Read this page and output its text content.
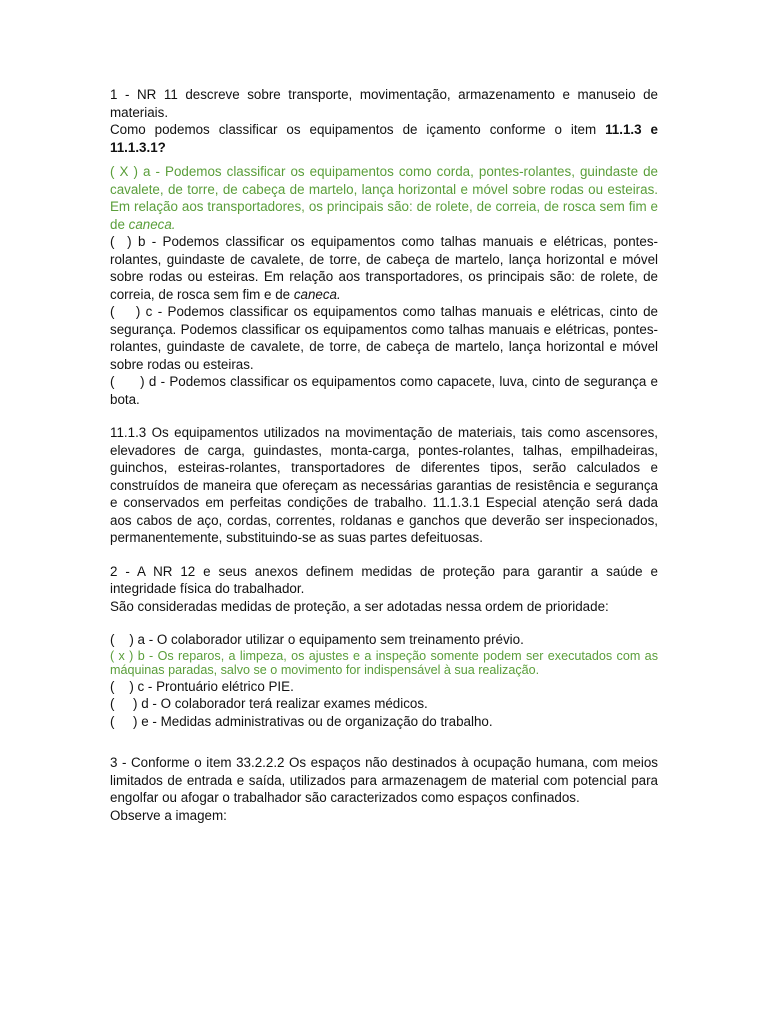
1 - NR 11 descreve sobre transporte, movimentação, armazenamento e manuseio de materiais.

Como podemos classificar os equipamentos de içamento conforme o item 11.1.3 e 11.1.3.1?

( X ) a - Podemos classificar os equipamentos como corda, pontes-rolantes, guindaste de cavalete, de torre, de cabeça de martelo, lança horizontal e móvel sobre rodas ou esteiras. Em relação aos transportadores, os principais são: de rolete, de correia, de rosca sem fim e de caneca.

(  ) b - Podemos classificar os equipamentos como talhas manuais e elétricas, pontes-rolantes, guindaste de cavalete, de torre, de cabeça de martelo, lança horizontal e móvel sobre rodas ou esteiras. Em relação aos transportadores, os principais são: de rolete, de correia, de rosca sem fim e de caneca.

(    ) c - Podemos classificar os equipamentos como talhas manuais e elétricas, cinto de segurança. Podemos classificar os equipamentos como talhas manuais e elétricas, pontes-rolantes, guindaste de cavalete, de torre, de cabeça de martelo, lança horizontal e móvel sobre rodas ou esteiras.

(      ) d - Podemos classificar os equipamentos como capacete, luva, cinto de segurança e bota.

11.1.3 Os equipamentos utilizados na movimentação de materiais, tais como ascensores, elevadores de carga, guindastes, monta-carga, pontes-rolantes, talhas, empilhadeiras, guinchos, esteiras-rolantes, transportadores de diferentes tipos, serão calculados e construídos de maneira que ofereçam as necessárias garantias de resistência e segurança e conservados em perfeitas condições de trabalho. 11.1.3.1 Especial atenção será dada aos cabos de aço, cordas, correntes, roldanas e ganchos que deverão ser inspecionados, permanentemente, substituindo-se as suas partes defeituosas.

2 - A NR 12 e seus anexos definem medidas de proteção para garantir a saúde e integridade física do trabalhador.

São consideradas medidas de proteção, a ser adotadas nessa ordem de prioridade:

(    ) a - O colaborador utilizar o equipamento sem treinamento prévio.

( x ) b - Os reparos, a limpeza, os ajustes e a inspeção somente podem ser executados com as máquinas paradas, salvo se o movimento for indispensável à sua realização.

(    ) c - Prontuário elétrico PIE.

(     ) d - O colaborador terá realizar exames médicos.

(     ) e - Medidas administrativas ou de organização do trabalho.

3 - Conforme o item 33.2.2.2 Os espaços não destinados à ocupação humana, com meios limitados de entrada e saída, utilizados para armazenagem de material com potencial para engolfar ou afogar o trabalhador são caracterizados como espaços confinados.

Observe a imagem:
